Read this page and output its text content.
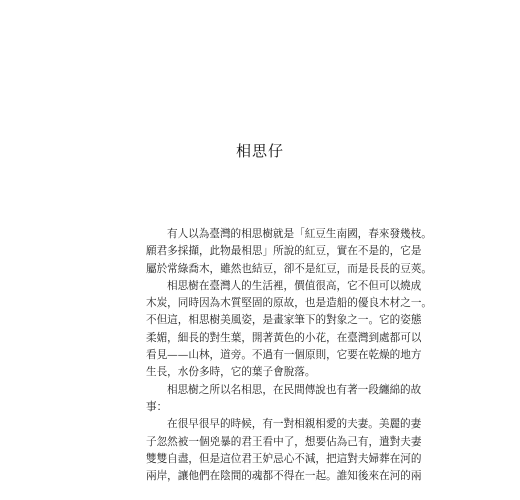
相思仔
有人以為臺灣的相思樹就是「紅豆生南國，春來發幾枝。
願君多採擷，此物最相思」所說的紅豆，實在不是的，它是
屬於常綠喬木，雖然也結豆，卻不是紅豆，而是長長的豆莢。
相思樹在臺灣人的生活裡，價值很高，它不但可以燒成
木炭，同時因為木質堅固的原故，也是造船的優良木材之一。
不但這，相思樹美風姿，是畫家筆下的對象之一。它的姿態
柔媚，細長的對生葉，開著黃色的小花，在臺灣到處都可以
看見——山林，道旁。不過有一個原則，它要在乾燥的地方
生長，水份多時，它的葉子會脫落。
相思樹之所以名相思，在民間傳說也有著一段纏綿的故
事：
在很早很早的時候，有一對相親相愛的夫妻。美麗的妻
子忽然被一個兇暴的君王看中了，想要佔為己有，遣對夫妻
雙雙自盡，但是這位君王妒忌心不減，把這對夫婦葬在河的
兩岸，讓他們在陰間的魂都不得在一起。誰知後來在河的兩
